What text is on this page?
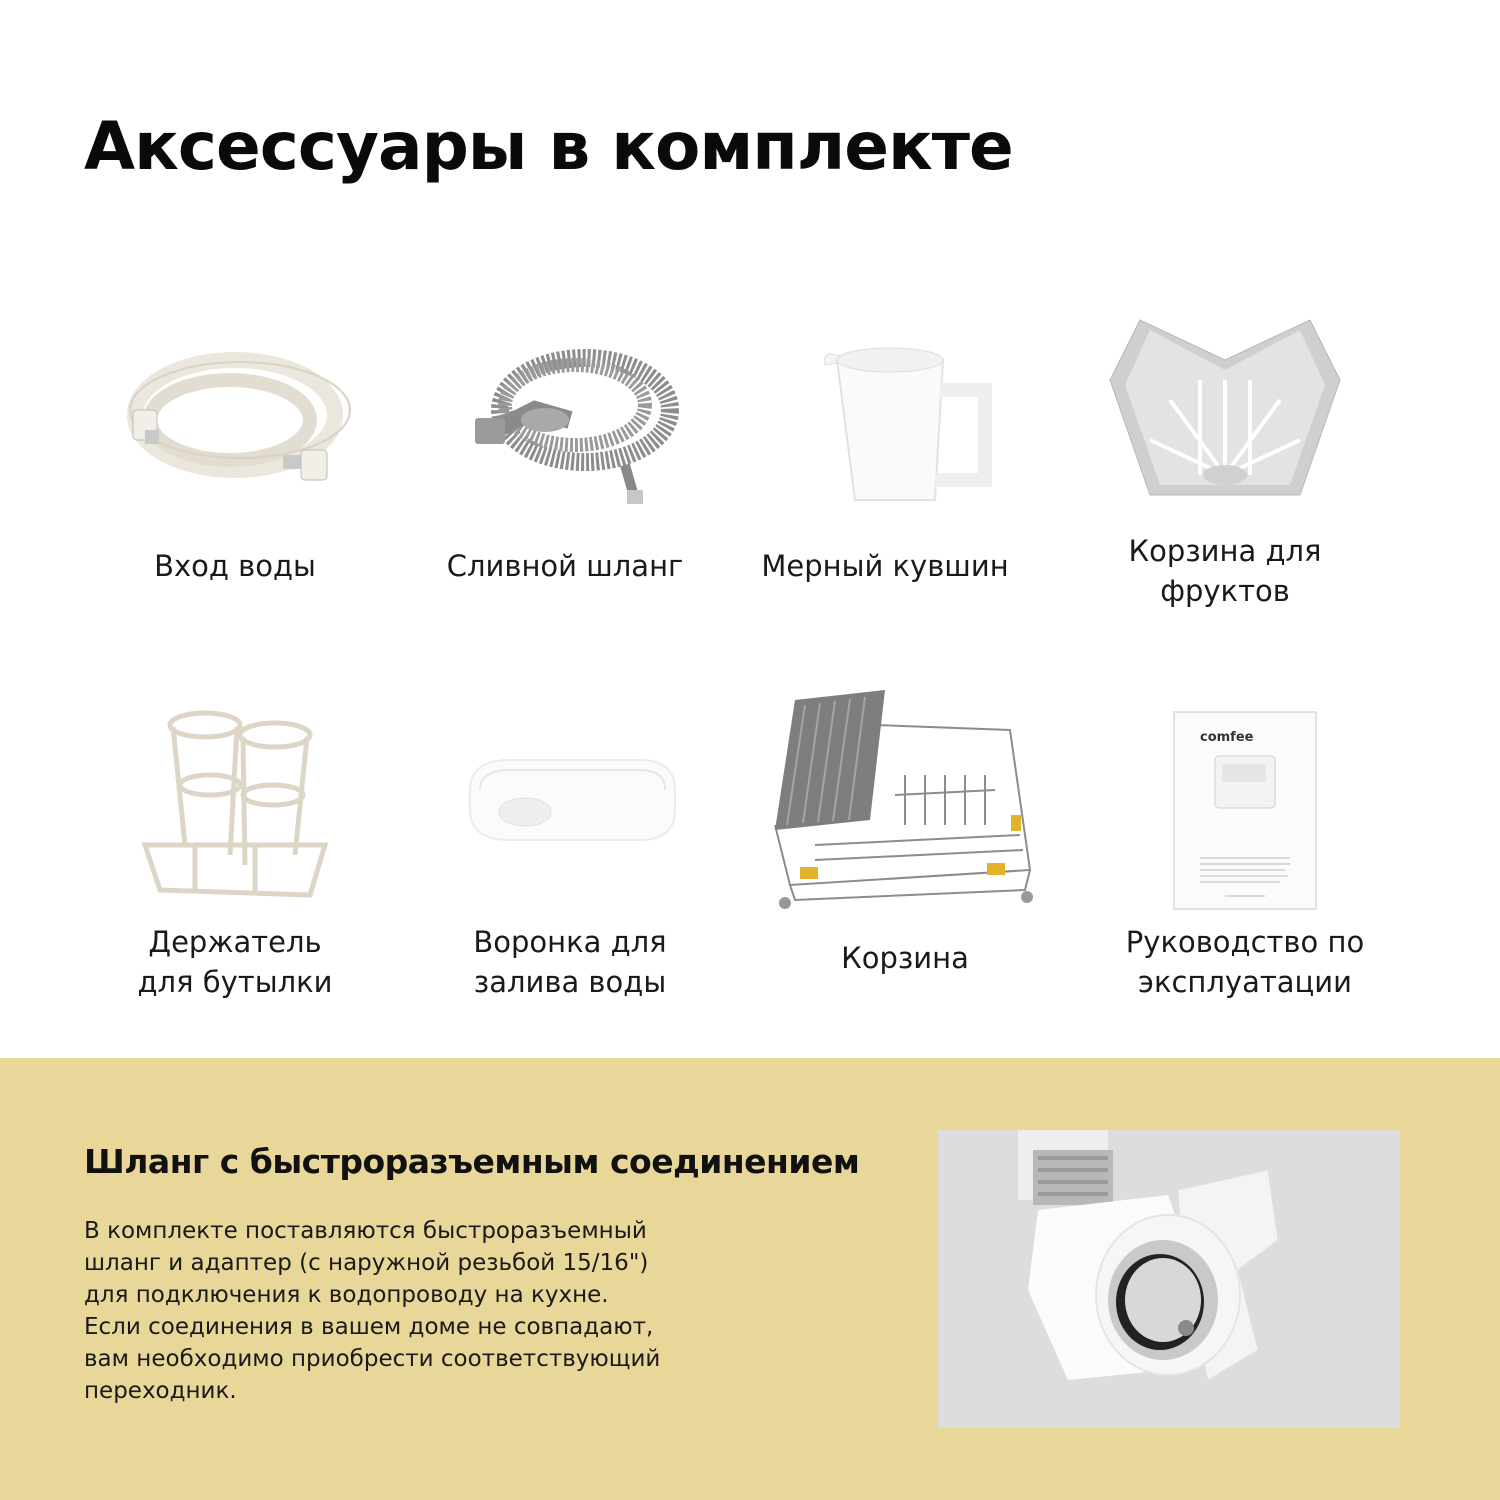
Аксессуары в комплекте
Вход воды	Сливной шланг	Мерный кувшин	Корзина для
фруктов
Держатель
для бутылки
Воронка для
залива воды
Корзина
comfee
Руководство по
эксплуатации
Шланг с быстроразъемным соединением
В комплекте поставляются быстроразъемный
шланг и адаптер (с наружной резьбой 15/16")
для подключения к водопроводу на кухне.
Если соединения в вашем доме не совпадают,
вам необходимо приобрести соответствующий
переходник.
